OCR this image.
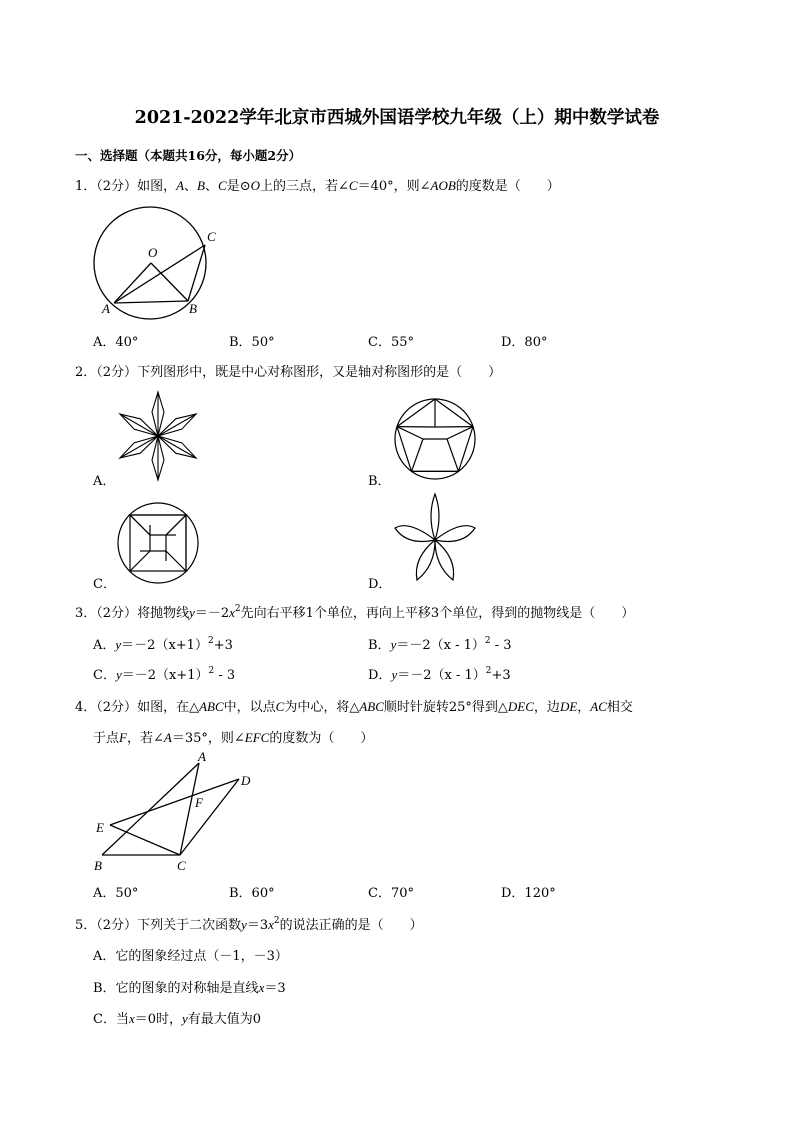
2021-2022学年北京市西城外国语学校九年级（上）期中数学试卷
一、选择题（本题共16分，每小题2分）
1．（2分）如图，A、B、C是⊙O上的三点，若∠C＝40°，则∠AOB的度数是（　　）
O
A	B
C
A．40°	B．50°	C．55°	D．80°
2．（2分）下列图形中，既是中心对称图形，又是轴对称图形的是（　　）
A．	B．
C．	D．
3．（2分）将抛物线$y=-2x^2$先向右平移1个单位，再向上平移3个单位，得到的抛物线是（　　）
A．$y=-2(x+1)^2+3$	B．y＝－2（x - 1）$^2$ - 3
C．$y=-2(x+1)^2 - 3$	D．y＝－2（x - 1）$^2$+3
4．（2分）如图，在△ABC中，以点C为中心，将△ABC顺时针旋转25°得到△DEC，边DE，AC相交
于点F，若∠A＝35°，则∠EFC的度数为（　　）
A
D
F
E
B	C
A．50°	B．60°	C．70°	D．120°
5．（2分）下列关于二次函数$y=3x^2$的说法正确的是（　　）
A．它的图象经过点（－1，－3）
B．它的图象的对称轴是直线x＝3
C．当x＝0时，y有最大值为0
